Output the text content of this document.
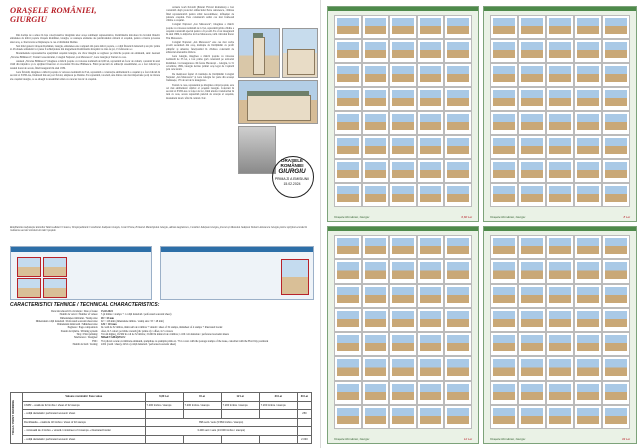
ORAȘELE ROMÂNIEI,
GIURGIU

Din dorința de a aduce în fața colecționarilor imaginile unor orașe românești reprezentative, Romfilatelia introduce în circuitul filatelic emisiunea de mărci poștale Orașele României, Giurgiu, ce reunește elemente ale patrimoniului cultural al orașului, pentru a ilustra povestea unui oraș, a cărei istorie se împletește cu cea a bătrânului Dunăre.

Sub titlul generic Orașele României, Giurgiu, emisiunea este compusă din patru mărci poștale, o coliță filatelică dantelată și un plic prima zi. Produsele emisiunii vor putea fi achiziționate din magazinele Romfilatelia începând cu data de joi, 15 februarie a.c.

Monumentele reprezentative aparținând orașului Giurgiu, ale căror imagini se regăsesc pe mărcile poștale ale emisiunii, sunt: Ateneul „Nicolae Bălănescu”, Turnul Ceasornicului, Colegiul Național „Ion Maiorescu”, Gara Giurgiu și Turnul cu ceas.

Ateneul „Nicolae Bălănescu” imaginea a mărcii poștale cu valoarea nominală de 6,60 lei, reprezintă un focar de cultură, construit în anul 1940 din inițiativa și cu sprijinul financiar al avocatului Nicolae Bălănescu. Fiind proiectată de arhitecții ansamblului, ea a fost ridicată pe terenul donat de acesta, fiind inaugurată în anul 1939.

Gara fluvială, imaginea a mărcii poștale cu valoarea nominală de 8 lei, reprezintă o construcție emblematică a orașului și a fost ridicată în secolul al XVIII-lea, finalizată într-un port fluvial, amplasat pe Dunăre. Ea reprezintă, totodată, una dintre cele mai importante porți de intrare ale orașului Giurgiu, ce se adaugă la ansamblul urban cu caracter istoric al orașului.

Actuala Gară fluvială (Palatul Fluvial Romanian) a fost construită după proiectul arhitectului Petre Antonescu, clădirea fiind reprezentativă pentru stilul neoromânesc, influențat de palatele orașului. Este considerată astăzi cea mai frumoasă clădire a orașului.

Colegiul Național „Ion Maiorescu”, imaginea a mărcii poștale cu valoarea nominală de 12 lei, reprezintă prima clădire a orașului construită special pentru a fi școală. Ea a fost inaugurată în anul 1869, la inițiativa lui Ion Maiorescu, tatăl criticului literar Titu Maiorescu.

Colegiul Național „Ion Maiorescu” este cea mai veche școală secundară din oraș, instituție de învățământ cu profil științific și umanist, funcționând în clădirea construită de arhitectul Alexandru Orăscu.

Gara Giurgiu, imaginea a mărcii poștale cu valoarea nominală de 33 lei, a fost prima gară construită pe teritoriul României. Cu inaugurarea căii ferate București – Giurgiu, la 31 octombrie 1869, Giurgiu devine primul oraș legat de Capitală prin cale ferată.

De menționat faptul că instituția de învățământ Colegiul Național „Ion Maiorescu” și Gara Giurgiu fac parte din aceeași frumusețe, 155 de ani de la inaugurare.

Turnul cu ceas, reprezentat pe imaginea coliței poștale, este cel mai emblematic simbol al orașului Giurgiu. Construit în secolul al XVIII-lea ca foișor de foc, fiind ulterior transformat în turn cu ceas, acesta reprezintă punctul de atracție al orașului, monument istoric aflat în centrul civic.

ORAȘELE
ROMÂNIEI
GIURGIU
PRIMA ZI A EMISIUNII
15.02.2024
Romfilatelia mulțumește domnilor Marius-Robert Ciutacu, Vicepreședintele Consiliului Județean Giurgiu, Costel Fotea, Primarul Municipiului Giurgiu, Adrian Anghelescu, Consiliul Județean Giurgiu, precum și Muzeului Județean Teohari Antonescu Giurgiu pentru sprijinul acordat în realizarea acestei emisiuni de mărci poștale.
CARACTERISTICI TEHNICE / TECHNICAL CHARACTERISTICS:
Data introducerii în circulație / Date of issue:	15.02.2024
Număr de valori / Number of values:	5 (4 timbre / stamps + 1 coliță dantelată / perforated souvenir sheet)
Dimensiunea timbrului / Stamp size:	48 × 33 mm
Dimensiuni coliță dantelată / Perforated souvenir sheet size:	92 × 126 mm (dimensiune timbru / stamp size: 33 × 48 mm)
Dimensiuni minicoală / Minisheet size:	126 × 143 mm
Paginare / Page composition:	în coală de 32 timbre, minicoală de 4 timbre + vinietă / sheet of 32 stamps, minisheet of 4 stamps + illustrated border
Sistem de tipărire / Printing system:	ofset, în 5 culori; pe hârtie cretată (plic prima zi) / offset, in 5 colours
Tiraj / Print printing:	33.144 timbre; 16.384 în coli de 32 timbre; 15.600 în minicoli de 4 timbre; 1.160 coli dantelate / perforated souvenir sheets
Machetator / Designer:	Mihail VĂMĂȘESCU
FDC:	351 plicuri ocazie cu timbrele emisiunii, ștampilate cu ștampila prima zi / 351 covers with the postage stamps of the issue, cancelled with the First Day postmark
Număr de listă / Listing:	2452 (coală / sheet), 2452 a (coliță dantelată / perforated souvenir sheet)
TIRAJ / PRINT RUNNING	Valoare nominală / Face value	6,60 Lei	8 Lei	12 Lei	33 Lei	33 Lei
	CNPR – coală de 32 timbre / sheet of 32 stamps	7.200 timbre / stamps	7.200 timbre / stamps	7.200 timbre / stamps	7.200 timbre / stamps	
	– coliță dantelată / perforated souvenir sheet					250
	Romfilatelia – coală de 32 timbre / sheet of 32 stamps	896 serii / sets (3.584 timbre / stamps)				
	– minicoală de 4 timbre + vinietă / minisheet of 4 stamps + illustrated border	3.400 serii / sets (13.600 timbre / stamps)				
	– coliță dantelată / perforated souvenir sheet					2.030
Orașele României, Giurgiu	6,60 Lei	Orașele României, Giurgiu	8 Lei
Orașele României, Giurgiu	12 Lei	Orașele României, Giurgiu	33 Lei
